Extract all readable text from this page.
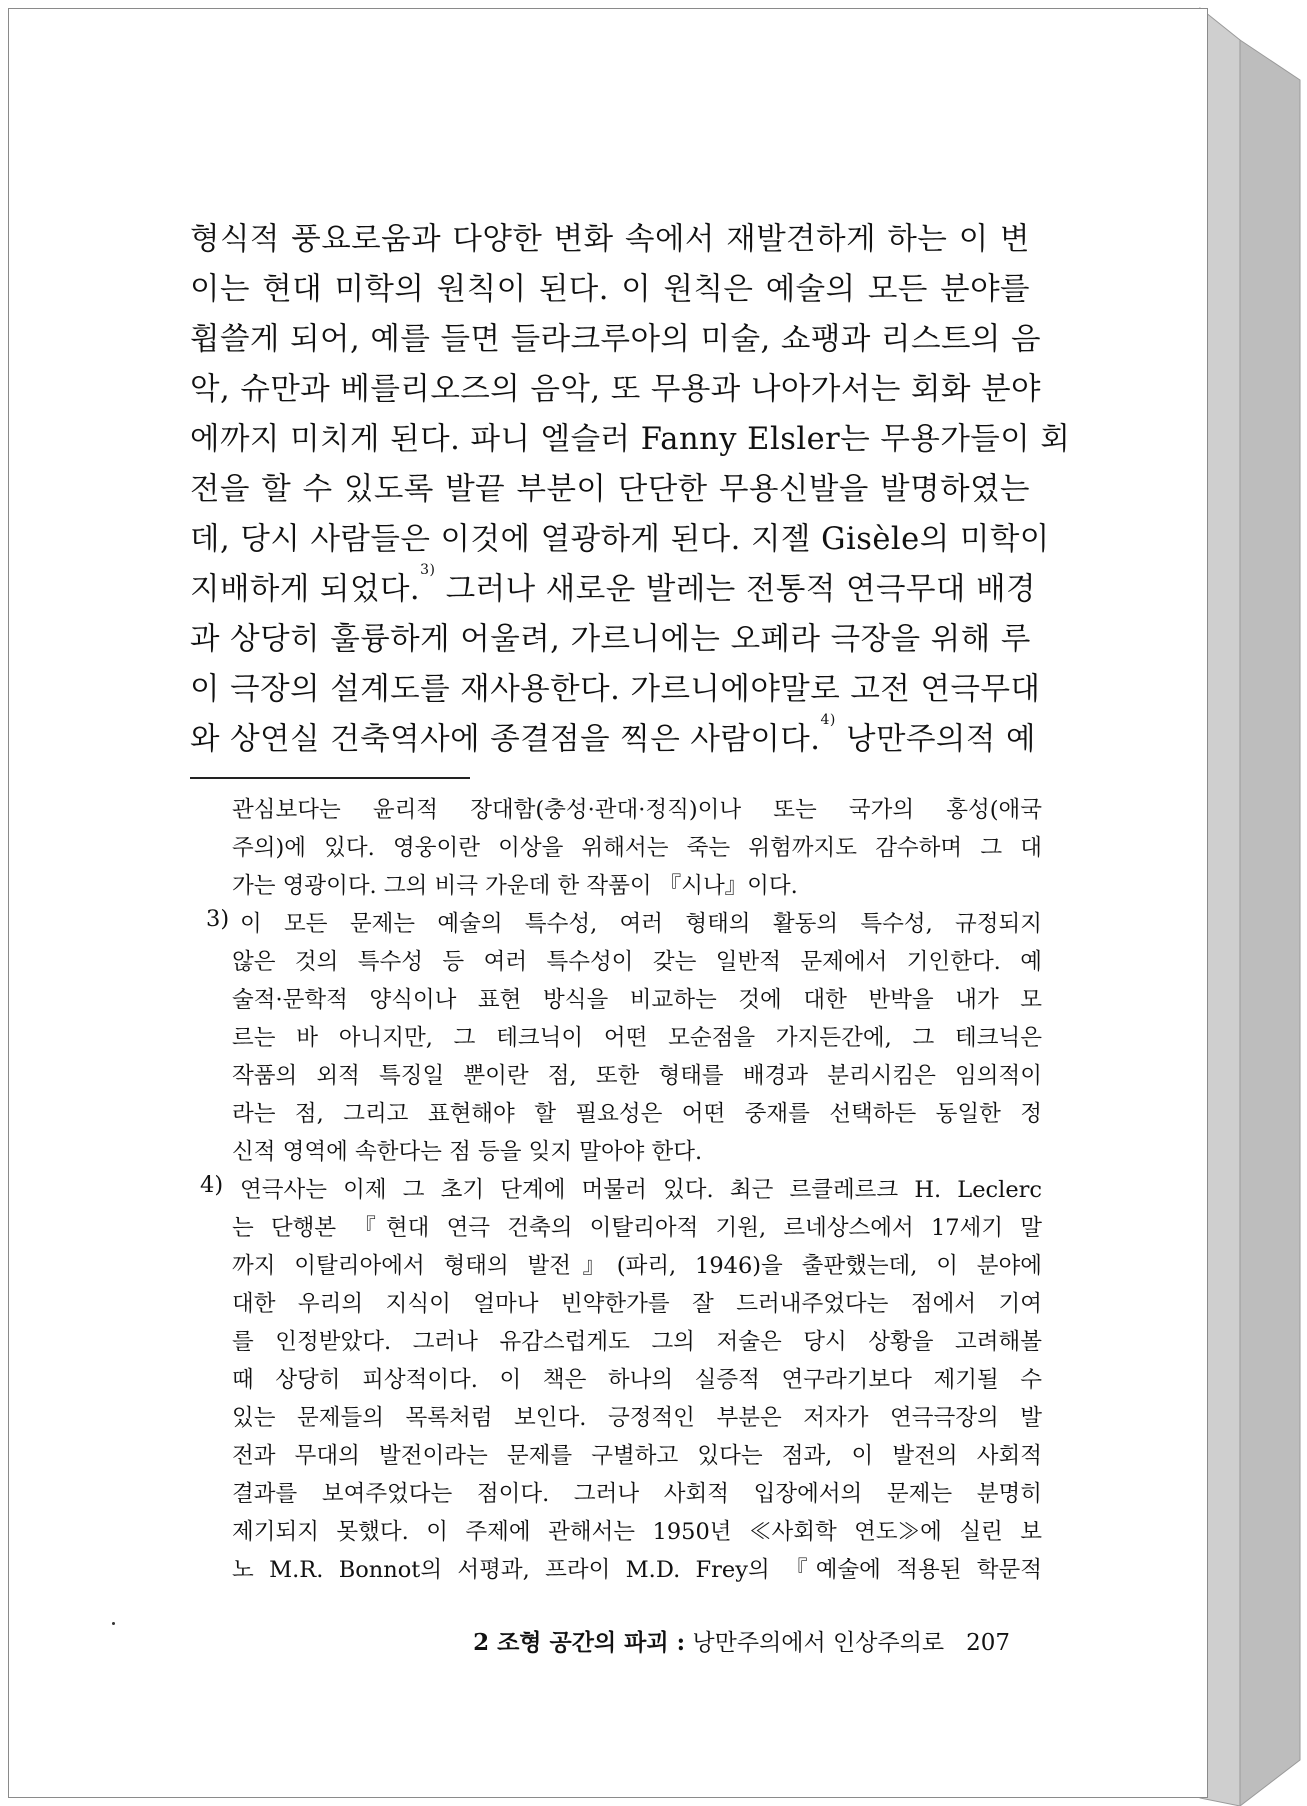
형식적 풍요로움과 다양한 변화 속에서 재발견하게 하는 이 변
이는 현대 미학의 원칙이 된다. 이 원칙은 예술의 모든 분야를
휩쓸게 되어, 예를 들면 들라크루아의 미술, 쇼팽과 리스트의 음
악, 슈만과 베를리오즈의 음악, 또 무용과 나아가서는 회화 분야
에까지 미치게 된다. 파니 엘슬러 Fanny Elsler는 무용가들이 회
전을 할 수 있도록 발끝 부분이 단단한 무용신발을 발명하였는
데, 당시 사람들은 이것에 열광하게 된다. 지젤 Gisèle의 미학이
지배하게 되었다.$^{3)}$ 그러나 새로운 발레는 전통적 연극무대 배경
과 상당히 훌륭하게 어울려, 가르니에는 오페라 극장을 위해 루
이 극장의 설계도를 재사용한다. 가르니에야말로 고전 연극무대
와 상연실 건축역사에 종결점을 찍은 사람이다.$^{4)}$ 낭만주의적 예
관심보다는 윤리적 장대함(충성·관대·정직)이나 또는 국가의 홍성(애국
주의)에 있다. 영웅이란 이상을 위해서는 죽는 위험까지도 감수하며 그 대
가는 영광이다. 그의 비극 가운데 한 작품이 『시나』이다.
3) 이 모든 문제는 예술의 특수성, 여러 형태의 활동의 특수성, 규정되지
않은 것의 특수성 등 여러 특수성이 갖는 일반적 문제에서 기인한다. 예
술적·문학적 양식이나 표현 방식을 비교하는 것에 대한 반박을 내가 모
르는 바 아니지만, 그 테크닉이 어떤 모순점을 가지든간에, 그 테크닉은
작품의 외적 특징일 뿐이란 점, 또한 형태를 배경과 분리시킴은 임의적이
라는 점, 그리고 표현해야 할 필요성은 어떤 중재를 선택하든 동일한 정
신적 영역에 속한다는 점 등을 잊지 말아야 한다.
4) 연극사는 이제 그 초기 단계에 머물러 있다. 최근 르클레르크 H. Leclerc
는 단행본 『현대 연극 건축의 이탈리아적 기원, 르네상스에서 17세기 말
까지 이탈리아에서 형태의 발전』(파리, 1946)을 출판했는데, 이 분야에
대한 우리의 지식이 얼마나 빈약한가를 잘 드러내주었다는 점에서 기여
를 인정받았다. 그러나 유감스럽게도 그의 저술은 당시 상황을 고려해볼
때 상당히 피상적이다. 이 책은 하나의 실증적 연구라기보다 제기될 수
있는 문제들의 목록처럼 보인다. 긍정적인 부분은 저자가 연극극장의 발
전과 무대의 발전이라는 문제를 구별하고 있다는 점과, 이 발전의 사회적
결과를 보여주었다는 점이다. 그러나 사회적 입장에서의 문제는 분명히
제기되지 못했다. 이 주제에 관해서는 1950년 ≪사회학 연도≫에 실린 보
노 M.R. Bonnot의 서평과, 프라이 M.D. Frey의 『예술에 적용된 학문적
2 조형 공간의 파괴 : 낭만주의에서 인상주의로 207
